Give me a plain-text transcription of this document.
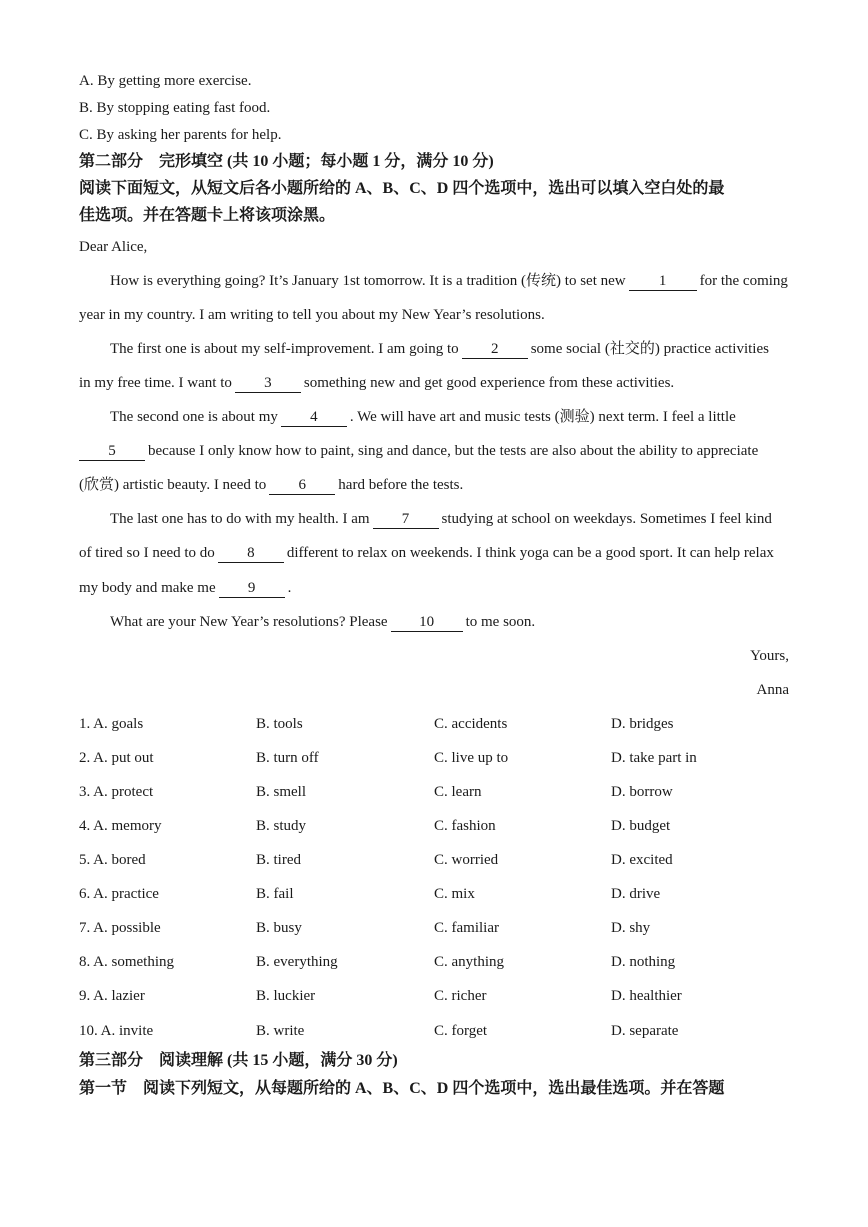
A. By getting more exercise.
B. By stopping eating fast food.
C. By asking her parents for help.
第二部分　完形填空 (共 10 小题；每小题 1 分，满分 10 分)
阅读下面短文，从短文后各小题所给的 A、B、C、D 四个选项中，选出可以填入空白处的最
佳选项。并在答题卡上将该项涂黑。
Dear Alice,
How is everything going? It’s January 1st tomorrow. It is a tradition (传统) to set new 1 for the coming
year in my country. I am writing to tell you about my New Year’s resolutions.
The first one is about my self-improvement. I am going to 2 some social (社交的) practice activities
in my free time. I want to 3 something new and get good experience from these activities.
The second one is about my 4 . We will have art and music tests (测验) next term. I feel a little
5 because I only know how to paint, sing and dance, but the tests are also about the ability to appreciate
(欣赏) artistic beauty. I need to 6 hard before the tests.
The last one has to do with my health. I am 7 studying at school on weekdays. Sometimes I feel kind
of tired so I need to do 8 different to relax on weekends. I think yoga can be a good sport. It can help relax
my body and make me 9 .
What are your New Year’s resolutions? Please 10 to me soon.
Yours,
Anna
1. A. goals	B. tools	C. accidents	D. bridges
2. A. put out	B. turn off	C. live up to	D. take part in
3. A. protect	B. smell	C. learn	D. borrow
4. A. memory	B. study	C. fashion	D. budget
5. A. bored	B. tired	C. worried	D. excited
6. A. practice	B. fail	C. mix	D. drive
7. A. possible	B. busy	C. familiar	D. shy
8. A. something	B. everything	C. anything	D. nothing
9. A. lazier	B. luckier	C. richer	D. healthier
10. A. invite	B. write	C. forget	D. separate
第三部分　阅读理解 (共 15 小题，满分 30 分)
第一节　阅读下列短文，从每题所给的 A、B、C、D 四个选项中，选出最佳选项。并在答题
